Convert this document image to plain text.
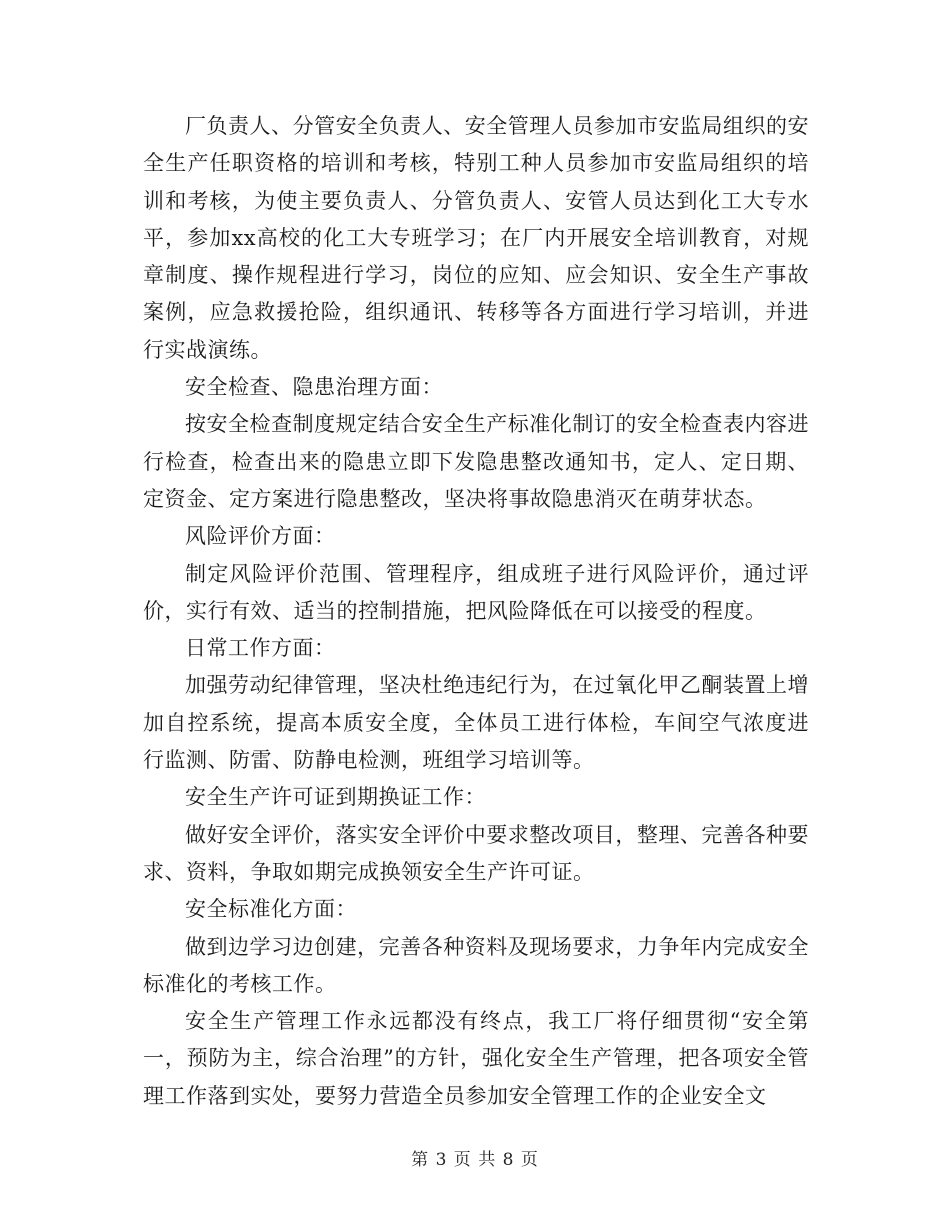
厂负责人、分管安全负责人、安全管理人员参加市安监局组织的安全生产任职资格的培训和考核，特别工种人员参加市安监局组织的培训和考核，为使主要负责人、分管负责人、安管人员达到化工大专水平，参加xx高校的化工大专班学习；在厂内开展安全培训教育，对规章制度、操作规程进行学习，岗位的应知、应会知识、安全生产事故案例，应急救援抢险，组织通讯、转移等各方面进行学习培训，并进行实战演练。

安全检查、隐患治理方面：

按安全检查制度规定结合安全生产标准化制订的安全检查表内容进行检查，检查出来的隐患立即下发隐患整改通知书，定人、定日期、定资金、定方案进行隐患整改，坚决将事故隐患消灭在萌芽状态。

风险评价方面：

制定风险评价范围、管理程序，组成班子进行风险评价，通过评价，实行有效、适当的控制措施，把风险降低在可以接受的程度。

日常工作方面：

加强劳动纪律管理，坚决杜绝违纪行为，在过氧化甲乙酮装置上增加自控系统，提高本质安全度，全体员工进行体检，车间空气浓度进行监测、防雷、防静电检测，班组学习培训等。

安全生产许可证到期换证工作：

做好安全评价，落实安全评价中要求整改项目，整理、完善各种要求、资料，争取如期完成换领安全生产许可证。

安全标准化方面：

做到边学习边创建，完善各种资料及现场要求，力争年内完成安全标准化的考核工作。

安全生产管理工作永远都没有终点，我工厂将仔细贯彻“安全第一，预防为主，综合治理”的方针，强化安全生产管理，把各项安全管理工作落到实处，要努力营造全员参加安全管理工作的企业安全文

第 3 页 共 8 页
